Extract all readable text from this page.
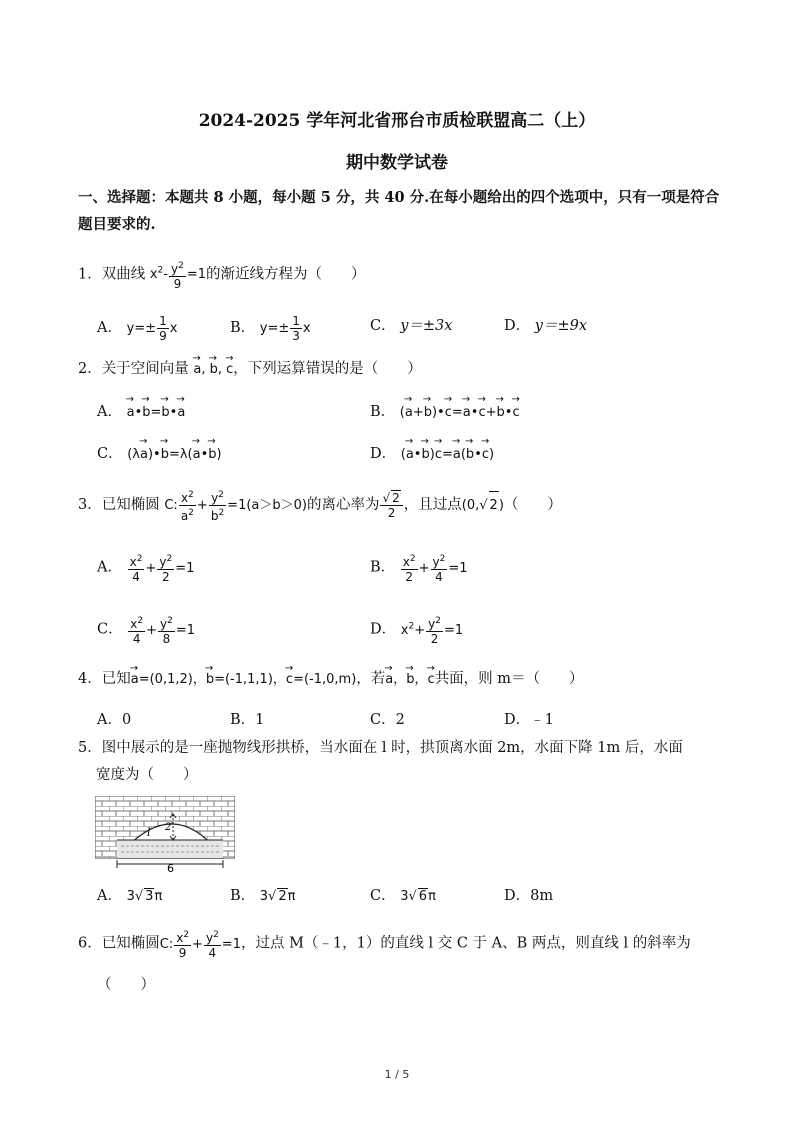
2024-2025 学年河北省邢台市质检联盟高二（上）
期中数学试卷
一、选择题：本题共 8 小题，每小题 5 分，共 40 分.在每小题给出的四个选项中，只有一项是符合题目要求的.
1．双曲线 $x^2- \frac{y^2}{9} =1$的渐近线方程为（　　）
A． $y=\pm \frac{1}{9}$ x	B． $y=\pm \frac{1}{3}$ x	C． y＝±3x	D． y＝±9x
2．关于空间向量 → a, → b, → c，下列运算错误的是（　　）
A． → a•→ b=→ b•→ a	B． (→ a+→ b)•→ c=→ a•→ c+→ b•→ c
C． (λ→ a)•→ b=λ(→ a•→ b)	D． (→ a•→ b)→ c=→ a(→ b•→ c)
3．已知椭圆 C: $\frac{x^2}{a^2} + \frac{y^2}{b^2} =1(a>b>0)$的离心率为 $\frac{√ 2}{2}$ ，且过点(0,√ 2)（　　）
A． $\frac{x^2}{4} + \frac{y^2}{2} =1$	B． $\frac{x^2}{2} + \frac{y^2}{4} =1$
C． $\frac{x^2}{4} + \frac{y^2}{8} =1$	D． $x^2+ \frac{y^2}{2} =1$
4．已知→ a=(0,1,2)，→ b=(-1,1,1)，→ c=(-1,0,m)，若→ a，→ b，→ c共面，则 m＝（　　）
A．0	B．1	C．2	D．﹣1
5．图中展示的是一座抛物线形拱桥，当水面在 l 时，拱顶离水面 2m，水面下降 1m 后，水面
宽度为（　　）
2
l
6
A． 3√ 3π	B． 3√ 2π	C． 3√ 6π	D．8m
6．已知椭圆C: $\frac{x^2}{9} + \frac{y^2}{4} =1$，过点 M（﹣1，1）的直线 l 交 C 于 A、B 两点，则直线 l 的斜率为
（　　）
1 / 5
